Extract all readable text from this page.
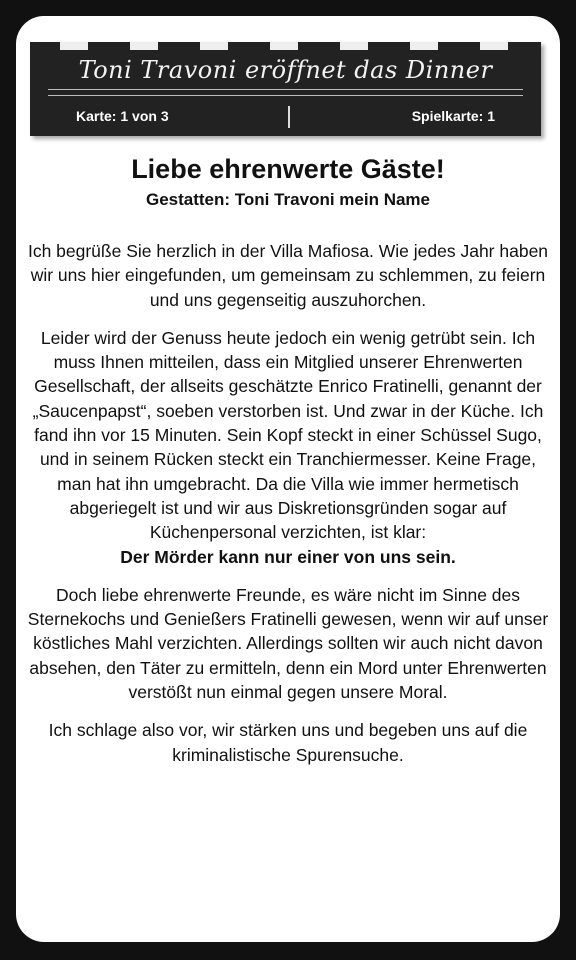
Toni Travoni eröffnet das Dinner
Karte: 1 von 3	Spielkarte: 1
Liebe ehrenwerte Gäste!
Gestatten: Toni Travoni mein Name

Ich begrüße Sie herzlich in der Villa Mafiosa. Wie jedes Jahr haben wir uns hier eingefunden, um gemeinsam zu schlemmen, zu feiern und uns gegenseitig auszuhorchen.

Leider wird der Genuss heute jedoch ein wenig getrübt sein. Ich muss Ihnen mitteilen, dass ein Mitglied unserer Ehrenwerten Gesellschaft, der allseits geschätzte Enrico Fratinelli, genannt der „Saucenpapst“, soeben verstorben ist. Und zwar in der Küche. Ich fand ihn vor 15 Minuten. Sein Kopf steckt in einer Schüssel Sugo, und in seinem Rücken steckt ein Tranchiermesser. Keine Frage, man hat ihn umgebracht. Da die Villa wie immer hermetisch abgeriegelt ist und wir aus Diskretionsgründen sogar auf Küchenpersonal verzichten, ist klar:
Der Mörder kann nur einer von uns sein.

Doch liebe ehrenwerte Freunde, es wäre nicht im Sinne des Sternekochs und Genießers Fratinelli gewesen, wenn wir auf unser köstliches Mahl verzichten. Allerdings sollten wir auch nicht davon absehen, den Täter zu ermitteln, denn ein Mord unter Ehrenwerten verstößt nun einmal gegen unsere Moral.

Ich schlage also vor, wir stärken uns und begeben uns auf die kriminalistische Spurensuche.
